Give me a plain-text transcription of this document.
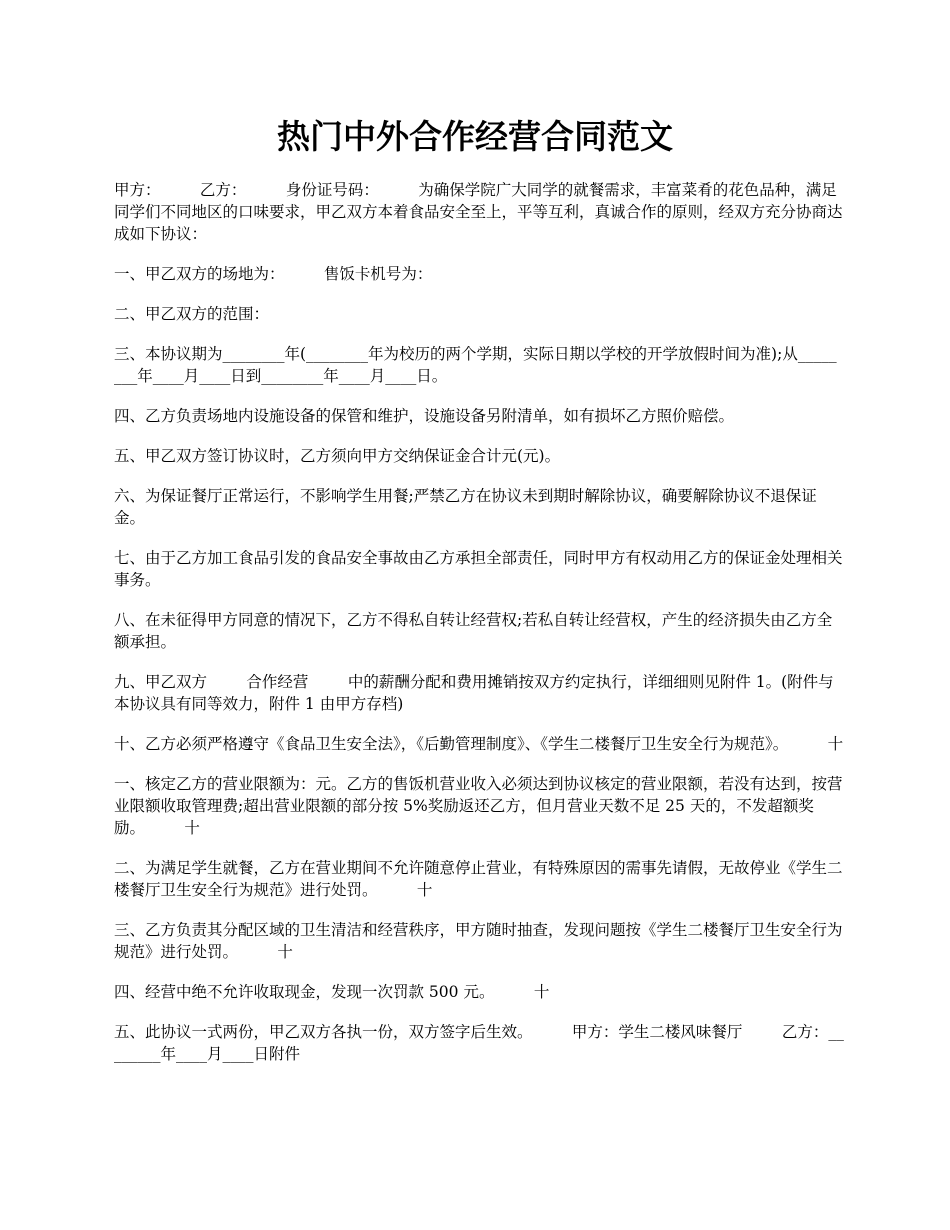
热门中外合作经营合同范文

甲方：        乙方：        身份证号码：        为确保学院广大同学的就餐需求，丰富菜肴的花色品种，满足同学们不同地区的口味要求，甲乙双方本着食品安全至上，平等互利，真诚合作的原则，经双方充分协商达成如下协议：

一、甲乙双方的场地为：        售饭卡机号为：

二、甲乙双方的范围：

三、本协议期为________年(________年为校历的两个学期，实际日期以学校的开学放假时间为准);从________年____月____日到________年____月____日。

四、乙方负责场地内设施设备的保管和维护，设施设备另附清单，如有损坏乙方照价赔偿。

五、甲乙双方签订协议时，乙方须向甲方交纳保证金合计元(元)。

六、为保证餐厅正常运行，不影响学生用餐;严禁乙方在协议未到期时解除协议，确要解除协议不退保证金。

七、由于乙方加工食品引发的食品安全事故由乙方承担全部责任，同时甲方有权动用乙方的保证金处理相关事务。

八、在未征得甲方同意的情况下，乙方不得私自转让经营权;若私自转让经营权，产生的经济损失由乙方全额承担。

九、甲乙双方        合作经营        中的薪酬分配和费用摊销按双方约定执行，详细细则见附件 1。(附件与本协议具有同等效力，附件 1 由甲方存档)

十、乙方必须严格遵守《食品卫生安全法》，《后勤管理制度》、《学生二楼餐厅卫生安全行为规范》。        十

一、核定乙方的营业限额为：元。乙方的售饭机营业收入必须达到协议核定的营业限额，若没有达到，按营业限额收取管理费;超出营业限额的部分按 5%奖励返还乙方，但月营业天数不足 25 天的，不发超额奖励。        十

二、为满足学生就餐，乙方在营业期间不允许随意停止营业，有特殊原因的需事先请假，无故停业《学生二楼餐厅卫生安全行为规范》进行处罚。        十

三、乙方负责其分配区域的卫生清洁和经营秩序，甲方随时抽查，发现问题按《学生二楼餐厅卫生安全行为规范》进行处罚。        十

四、经营中绝不允许收取现金，发现一次罚款 500 元。        十

五、此协议一式两份，甲乙双方各执一份，双方签字后生效。        甲方：学生二楼风味餐厅        乙方：________年____月____日附件
